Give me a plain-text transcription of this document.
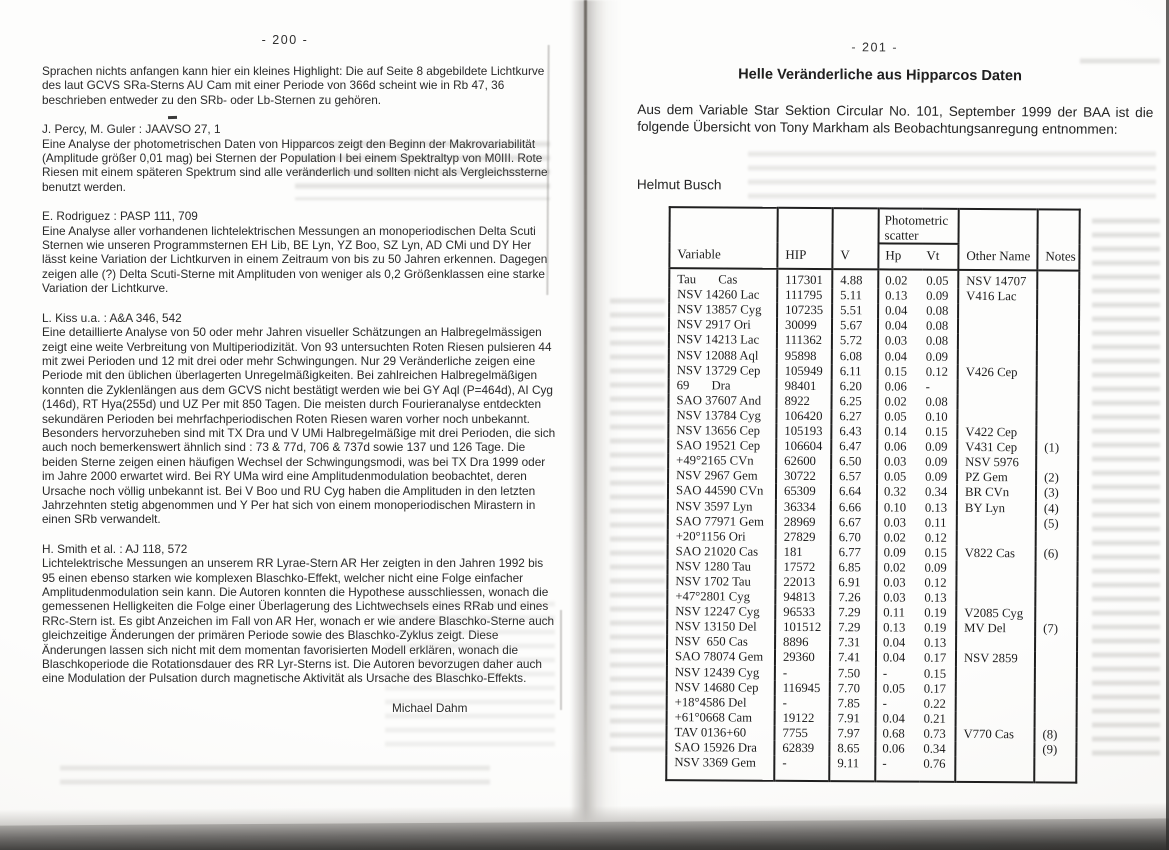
- 200 -

Sprachen nichts anfangen kann hier ein kleines Highlight: Die auf Seite 8 abgebildete Lichtkurve des laut GCVS SRa-Sterns AU Cam mit einer Periode von 366d scheint wie in Rb 47, 36 beschrieben entweder zu den SRb- oder Lb-Sternen zu gehören.

J. Percy, M. Guler : JAAVSO 27, 1

Eine Analyse der photometrischen Daten von Hipparcos zeigt den Beginn der Makrovariabilität (Amplitude größer 0,01 mag) bei Sternen der Population I bei einem Spektraltyp von M0III. Rote Riesen mit einem späteren Spektrum sind alle veränderlich und sollten nicht als Vergleichssterne benutzt werden.

E. Rodriguez : PASP 111, 709

Eine Analyse aller vorhandenen lichtelektrischen Messungen an monoperiodischen Delta Scuti Sternen wie unseren Programmsternen EH Lib, BE Lyn, YZ Boo, SZ Lyn, AD CMi und DY Her lässt keine Variation der Lichtkurven in einem Zeitraum von bis zu 50 Jahren erkennen. Dagegen zeigen alle (?) Delta Scuti-Sterne mit Amplituden von weniger als 0,2 Größenklassen eine starke Variation der Lichtkurve.

L. Kiss u.a. : A&A 346, 542

Eine detaillierte Analyse von 50 oder mehr Jahren visueller Schätzungen an Halbregelmässigen zeigt eine weite Verbreitung von Multiperiodizität. Von 93 untersuchten Roten Riesen pulsieren 44 mit zwei Perioden und 12 mit drei oder mehr Schwingungen. Nur 29 Veränderliche zeigen eine Periode mit den üblichen überlagerten Unregelmäßigkeiten. Bei zahlreichen Halbregelmäßigen konnten die Zyklenlängen aus dem GCVS nicht bestätigt werden wie bei GY Aql (P=464d), AI Cyg (146d), RT Hya(255d) und UZ Per mit 850 Tagen. Die meisten durch Fourieranalyse entdeckten sekundären Perioden bei mehrfachperiodischen Roten Riesen waren vorher noch unbekannt. Besonders hervorzuheben sind mit TX Dra und V UMi Halbregelmäßige mit drei Perioden, die sich auch noch bemerkenswert ähnlich sind : 73 & 77d, 706 & 737d sowie 137 und 126 Tage. Die beiden Sterne zeigen einen häufigen Wechsel der Schwingungsmodi, was bei TX Dra 1999 oder im Jahre 2000 erwartet wird. Bei RY UMa wird eine Amplitudenmodulation beobachtet, deren Ursache noch völlig unbekannt ist. Bei V Boo und RU Cyg haben die Amplituden in den letzten Jahrzehnten stetig abgenommen und Y Per hat sich von einem monoperiodischen Mirastern in einen SRb verwandelt.

H. Smith et al. : AJ 118, 572

Lichtelektrische Messungen an unserem RR Lyrae-Stern AR Her zeigten in den Jahren 1992 bis 95 einen ebenso starken wie komplexen Blaschko-Effekt, welcher nicht eine Folge einfacher Amplitudenmodulation sein kann. Die Autoren konnten die Hypothese ausschliessen, wonach die gemessenen Helligkeiten die Folge einer Überlagerung des Lichtwechsels eines RRab und eines RRc-Stern ist. Es gibt Anzeichen im Fall von AR Her, wonach er wie andere Blaschko-Sterne auch gleichzeitige Änderungen der primären Periode sowie des Blaschko-Zyklus zeigt. Diese Änderungen lassen sich nicht mit dem momentan favorisierten Modell erklären, wonach die Blaschkoperiode die Rotationsdauer des RR Lyr-Sterns ist. Die Autoren bevorzugen daher auch eine Modulation der Pulsation durch magnetische Aktivität als Ursache des Blaschko-Effekts.

Michael Dahm
- 201 -
Helle Veränderliche aus Hipparcos Daten

Aus dem Variable Star Sektion Circular No. 101, September 1999 der BAA ist die folgende Übersicht von Tony Markham als Beobachtungsanregung entnommen:

Helmut Busch
Variable	HIP	V	Photometric scatter		Other Name	Notes
			Hp	Vt		
Tau       Cas	117301	4.88	0.02	0.05	NSV 14707	
NSV 14260 Lac	111795	5.11	0.13	0.09	V416 Lac	
NSV 13857 Cyg	107235	5.51	0.04	0.08		
NSV 2917 Ori	30099	5.67	0.04	0.08		
NSV 14213 Lac	111362	5.72	0.03	0.08		
NSV 12088 Aql	95898	6.08	0.04	0.09		
NSV 13729 Cep	105949	6.11	0.15	0.12	V426 Cep	
69       Dra	98401	6.20	0.06	-		
SAO 37607 And	8922	6.25	0.02	0.08		
NSV 13784 Cyg	106420	6.27	0.05	0.10		
NSV 13656 Cep	105193	6.43	0.14	0.15	V422 Cep	
SAO 19521 Cep	106604	6.47	0.06	0.09	V431 Cep	(1)
+49°2165 CVn	62600	6.50	0.03	0.09	NSV 5976	
NSV 2967 Gem	30722	6.57	0.05	0.09	PZ Gem	(2)
SAO 44590 CVn	65309	6.64	0.32	0.34	BR CVn	(3)
NSV 3597 Lyn	36334	6.66	0.10	0.13	BY Lyn	(4)
SAO 77971 Gem	28969	6.67	0.03	0.11		(5)
+20°1156 Ori	27829	6.70	0.02	0.12		
SAO 21020 Cas	181	6.77	0.09	0.15	V822 Cas	(6)
NSV 1280 Tau	17572	6.85	0.02	0.09		
NSV 1702 Tau	22013	6.91	0.03	0.12		
+47°2801 Cyg	94813	7.26	0.03	0.13		
NSV 12247 Cyg	96533	7.29	0.11	0.19	V2085 Cyg	
NSV 13150 Del	101512	7.29	0.13	0.19	MV Del	(7)
NSV  650 Cas	8896	7.31	0.04	0.13		
SAO 78074 Gem	29360	7.41	0.04	0.17	NSV 2859	
NSV 12439 Cyg	-	7.50	-	0.15		
NSV 14680 Cep	116945	7.70	0.05	0.17		
+18°4586 Del	-	7.85	-	0.22		
+61°0668 Cam	19122	7.91	0.04	0.21		
TAV 0136+60	7755	7.97	0.68	0.73	V770 Cas	(8)
SAO 15926 Dra	62839	8.65	0.06	0.34		(9)
NSV 3369 Gem	-	9.11	-	0.76		
